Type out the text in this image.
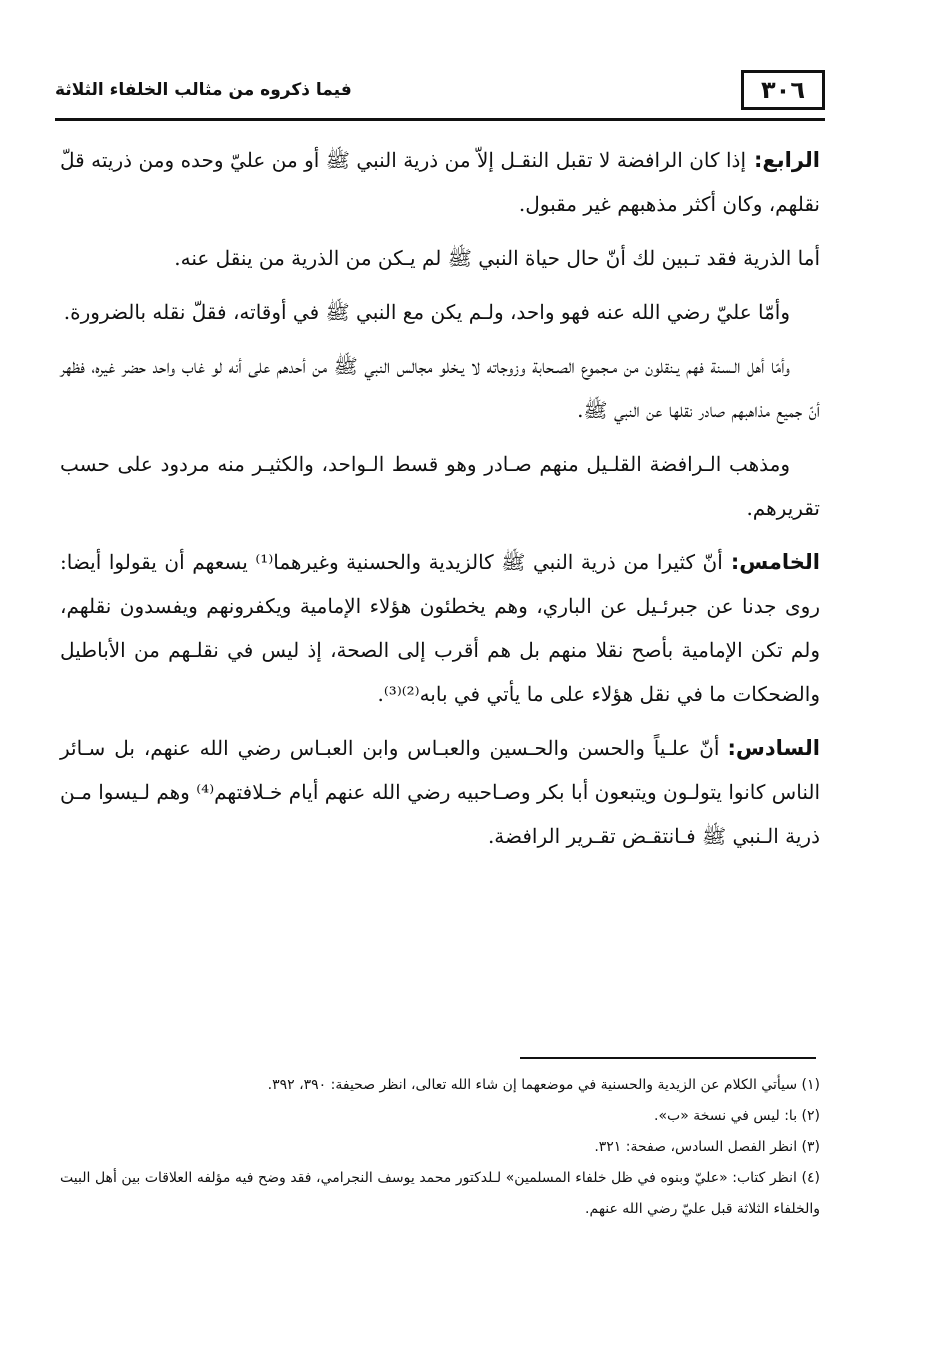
٣٠٦
فيما ذكروه من مثالب الخلفاء الثلاثة

الرابع:إذا كان الرافضة لا تقبل النقـل إلاّ من ذرية النبي ﷺ أو من عليّ وحده ومن ذريته قلّ نقلهم، وكان أكثر مذهبهم غير مقبول.

أما الذرية فقد تـبين لك أنّ حال حياة النبي ﷺ لم يـكن من الذرية من ينقل عنه.

وأمّا عليّ رضي الله عنه فهو واحد، ولـم يكن مع النبي ﷺ في أوقاته، فقلّ نقله بالضرورة.

وأمّا أهل الـسنة فهم يـنقلون من مـجموع الصـحابة وزوجاته لا يـخلو مجالس النبي ﷺ من أحدهم على أنه لو غاب واحد حضر غيره، فظهر أنّ جميع مذاهبهم صادر نقلها عن النبي ﷺ.

ومذهب الـرافضة القلـيل منهم صـادر وهو قسط الـواحد، والكثيـر منه مردود على حسب تقريرهم.

الخامس:أنّ كثيرا من ذرية النبي ﷺ كالزيدية والحسنية وغيرهما⁽¹⁾ يسعهم أن يقولوا أيضا: روى جدنا عن جبرئـيل عن الباري، وهم يخطئون هؤلاء الإمامية ويكفرونهم ويفسدون نقلهم، ولم تكن الإمامية بأصح نقلا منهم بل هم أقرب إلى الصحة، إذ ليس في نقلـهم من الأباطيل والضحكات ما في نقل هؤلاء على ما يأتي في بابه⁽²⁾⁽³⁾.

السادس:أنّ علـياً والحسن والحـسين والعبـاس وابن العبـاس رضي الله عنهم، بل سـائر الناس كانوا يتولـون ويتبعون أبا بكر وصـاحبيه رضي الله عنهم أيام خـلافتهم⁽⁴⁾ وهم لـيسوا مـن ذرية الـنبي ﷺ فـانتقـض تقـرير الرافضة.

(١) سيأتي الكلام عن الزيدية والحسنية في موضعهما إن شاء الله تعالى، انظر صحيفة: ٣٩٠، ٣٩٢.

(٢) با: ليس في نسخة «ب».

(٣) انظر الفصل السادس، صفحة: ٣٢١.

(٤) انظر كتاب: «عليّ وبنوه في ظل خلفاء المسلمين» لـلدكتور محمد يوسف النجرامي، فقد وضح فيه مؤلفه العلاقات بين أهل البيت والخلفاء الثلاثة قبل عليّ رضي الله عنهم.
